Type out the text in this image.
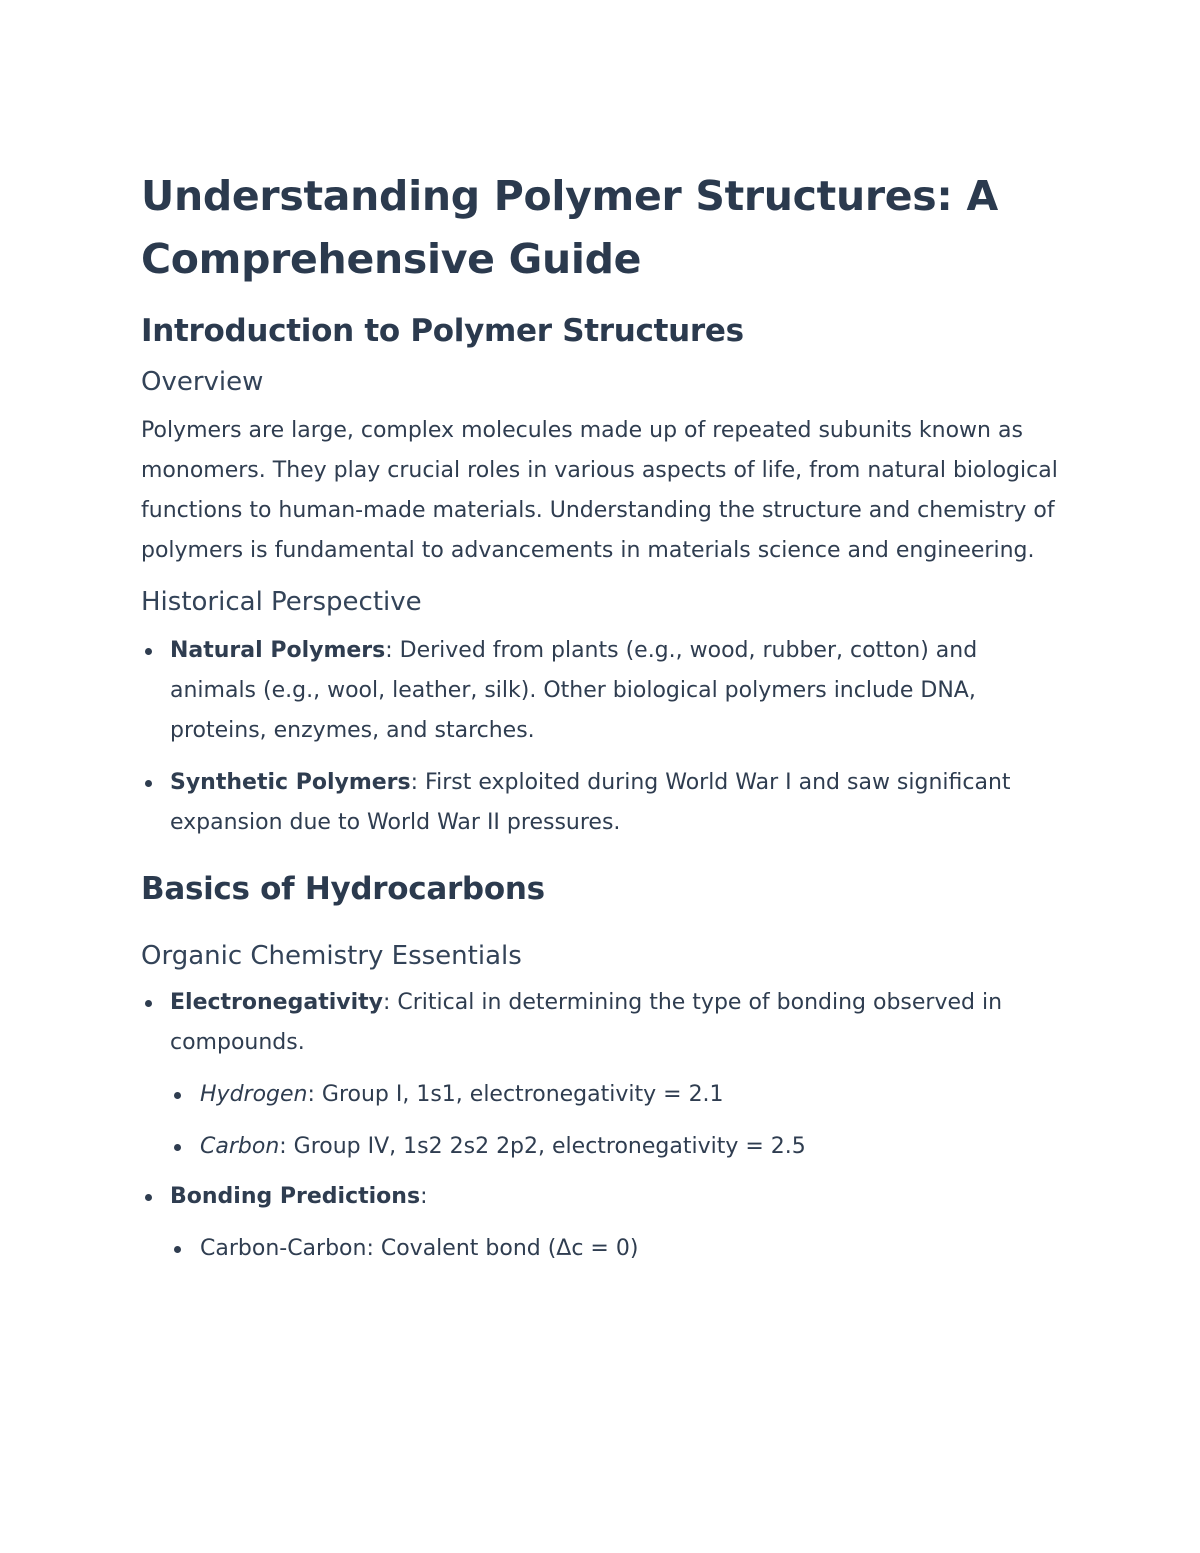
Understanding Polymer Structures: A Comprehensive Guide
Introduction to Polymer Structures
Overview

Polymers are large, complex molecules made up of repeated subunits known as monomers. They play crucial roles in various aspects of life, from natural biological functions to human-made materials. Understanding the structure and chemistry of polymers is fundamental to advancements in materials science and engineering.

Historical Perspective
Natural Polymers: Derived from plants (e.g., wood, rubber, cotton) and animals (e.g., wool, leather, silk). Other biological polymers include DNA, proteins, enzymes, and starches.
Synthetic Polymers: First exploited during World War I and saw significant expansion due to World War II pressures.
Basics of Hydrocarbons
Organic Chemistry Essentials
Electronegativity: Critical in determining the type of bonding observed in compounds.
Hydrogen: Group I, 1s1, electronegativity = 2.1
Carbon: Group IV, 1s2 2s2 2p2, electronegativity = 2.5
Bonding Predictions:
Carbon-Carbon: Covalent bond (Δc = 0)
